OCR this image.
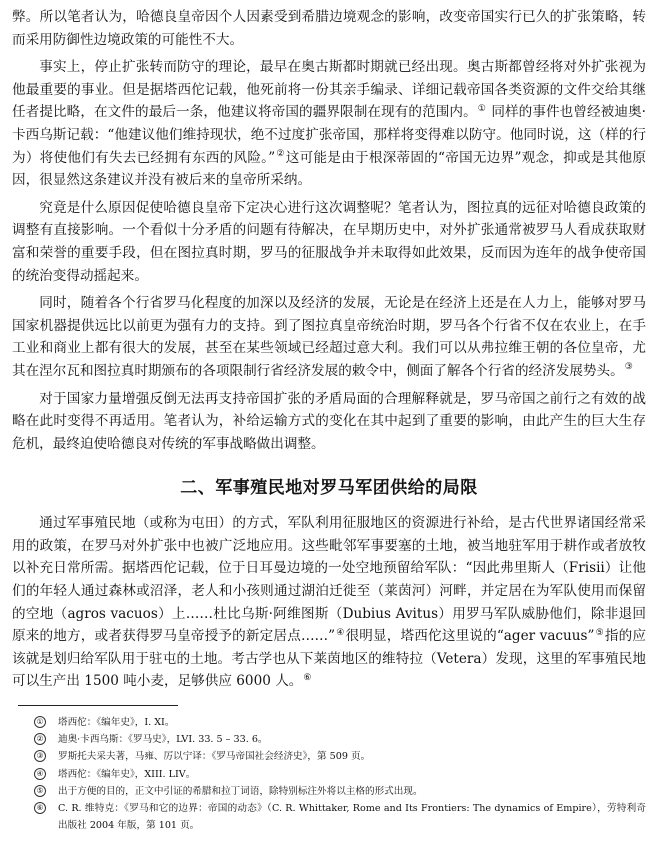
弊。所以笔者认为，哈德良皇帝因个人因素受到希腊边境观念的影响，改变帝国实行已久的扩张策略，转而采用防御性边境政策的可能性不大。

事实上，停止扩张转而防守的理论，最早在奥古斯都时期就已经出现。奥古斯都曾经将对外扩张视为他最重要的事业。但是据塔西佗记载，他死前将一份其亲手编录、详细记载帝国各类资源的文件交给其继任者提比略，在文件的最后一条，他建议将帝国的疆界限制在现有的范围内。① 同样的事件也曾经被迪奥·卡西乌斯记载：“他建议他们维持现状，绝不过度扩张帝国，那样将变得难以防守。他同时说，这（样的行为）将使他们有失去已经拥有东西的风险。”②这可能是由于根深蒂固的“帝国无边界”观念，抑或是其他原因，很显然这条建议并没有被后来的皇帝所采纳。

究竟是什么原因促使哈德良皇帝下定决心进行这次调整呢？笔者认为，图拉真的远征对哈德良政策的调整有直接影响。一个看似十分矛盾的问题有待解决，在早期历史中，对外扩张通常被罗马人看成获取财富和荣誉的重要手段，但在图拉真时期，罗马的征服战争并未取得如此效果，反而因为连年的战争使帝国的统治变得动摇起来。

同时，随着各个行省罗马化程度的加深以及经济的发展，无论是在经济上还是在人力上，能够对罗马国家机器提供远比以前更为强有力的支持。到了图拉真皇帝统治时期，罗马各个行省不仅在农业上，在手工业和商业上都有很大的发展，甚至在某些领域已经超过意大利。我们可以从弗拉维王朝的各位皇帝，尤其在涅尔瓦和图拉真时期颁布的各项限制行省经济发展的敕令中，侧面了解各个行省的经济发展势头。③

对于国家力量增强反倒无法再支持帝国扩张的矛盾局面的合理解释就是，罗马帝国之前行之有效的战略在此时变得不再适用。笔者认为，补给运输方式的变化在其中起到了重要的影响，由此产生的巨大生存危机，最终迫使哈德良对传统的军事战略做出调整。

二、军事殖民地对罗马军团供给的局限

通过军事殖民地（或称为屯田）的方式，军队利用征服地区的资源进行补给，是古代世界诸国经常采用的政策，在罗马对外扩张中也被广泛地应用。这些毗邻军事要塞的土地，被当地驻军用于耕作或者放牧以补充日常所需。据塔西佗记载，位于日耳曼边境的一处空地预留给军队：“因此弗里斯人（Frisii）让他们的年轻人通过森林或沼泽，老人和小孩则通过湖泊迁徙至（莱茵河）河畔，并定居在为军队使用而保留的空地（agros vacuos）上……杜比乌斯·阿维图斯（Dubius Avitus）用罗马军队威胁他们，除非退回原来的地方，或者获得罗马皇帝授予的新定居点……”④很明显，塔西佗这里说的“ager vacuus”⑤指的应该就是划归给军队用于驻屯的土地。考古学也从下莱茵地区的维特拉（Vetera）发现，这里的军事殖民地可以生产出 1500 吨小麦，足够供应 6000 人。⑥

① 塔西佗：《编年史》，I. XI。
② 迪奥·卡西乌斯：《罗马史》，LVI. 33. 5 – 33. 6。
③ 罗斯托夫采夫著，马雍、厉以宁译：《罗马帝国社会经济史》，第 509 页。
④ 塔西佗：《编年史》，XIII. LIV。
⑤ 出于方便的目的，正文中引证的希腊和拉丁词语，除特别标注外将以主格的形式出现。
⑥ C. R. 维特克：《罗马和它的边界：帝国的动态》（C. R. Whittaker, Rome and Its Frontiers: The dynamics of Empire），劳特利奇出版社 2004 年版，第 101 页。
